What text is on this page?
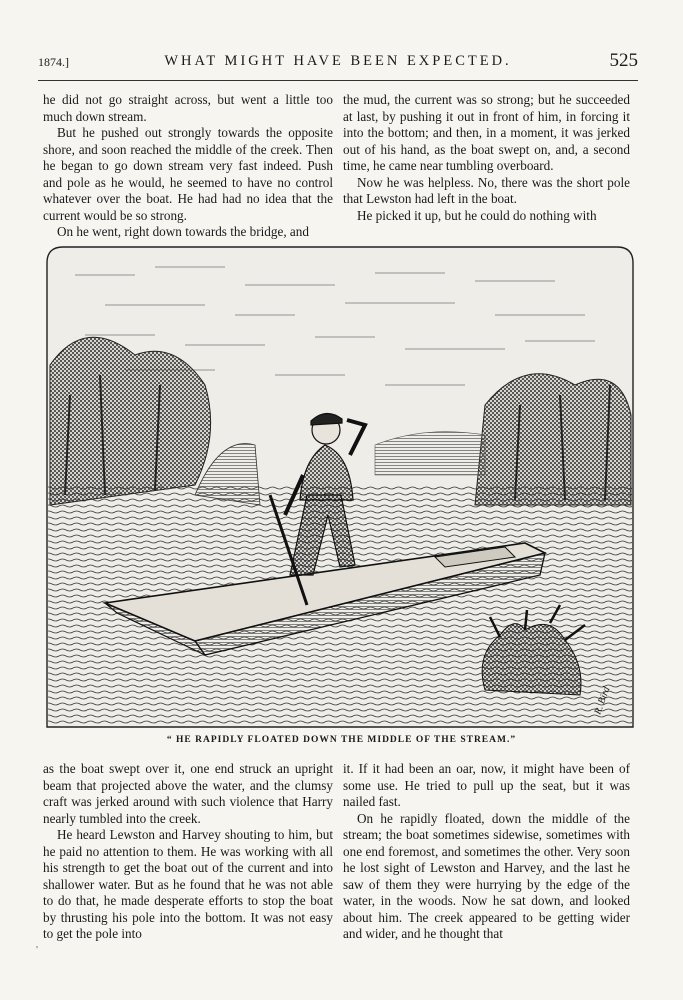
1874.]	WHAT MIGHT HAVE BEEN EXPECTED.	525

he did not go straight across, but went a little too much down stream.

But he pushed out strongly towards the opposite shore, and soon reached the middle of the creek. Then he began to go down stream very fast indeed. Push and pole as he would, he seemed to have no control whatever over the boat. He had had no idea that the current would be so strong.

On he went, right down towards the bridge, and

the mud, the current was so strong; but he succeeded at last, by pushing it out in front of him, in forcing it into the bottom; and then, in a moment, it was jerked out of his hand, as the boat swept on, and, a second time, he came near tumbling overboard.

Now he was helpless. No, there was the short pole that Lewston had left in the boat.

He picked it up, but he could do nothing with

R. Bird
“ HE RAPIDLY FLOATED DOWN THE MIDDLE OF THE STREAM.”

as the boat swept over it, one end struck an upright beam that projected above the water, and the clumsy craft was jerked around with such violence that Harry nearly tumbled into the creek.

He heard Lewston and Harvey shouting to him, but he paid no attention to them. He was working with all his strength to get the boat out of the current and into shallower water. But as he found that he was not able to do that, he made desperate efforts to stop the boat by thrusting his pole into the bottom. It was not easy to get the pole into

it. If it had been an oar, now, it might have been of some use. He tried to pull up the seat, but it was nailed fast.

On he rapidly floated, down the middle of the stream; the boat sometimes sidewise, sometimes with one end foremost, and sometimes the other. Very soon he lost sight of Lewston and Harvey, and the last he saw of them they were hurrying by the edge of the water, in the woods. Now he sat down, and looked about him. The creek appeared to be getting wider and wider, and he thought that

'
